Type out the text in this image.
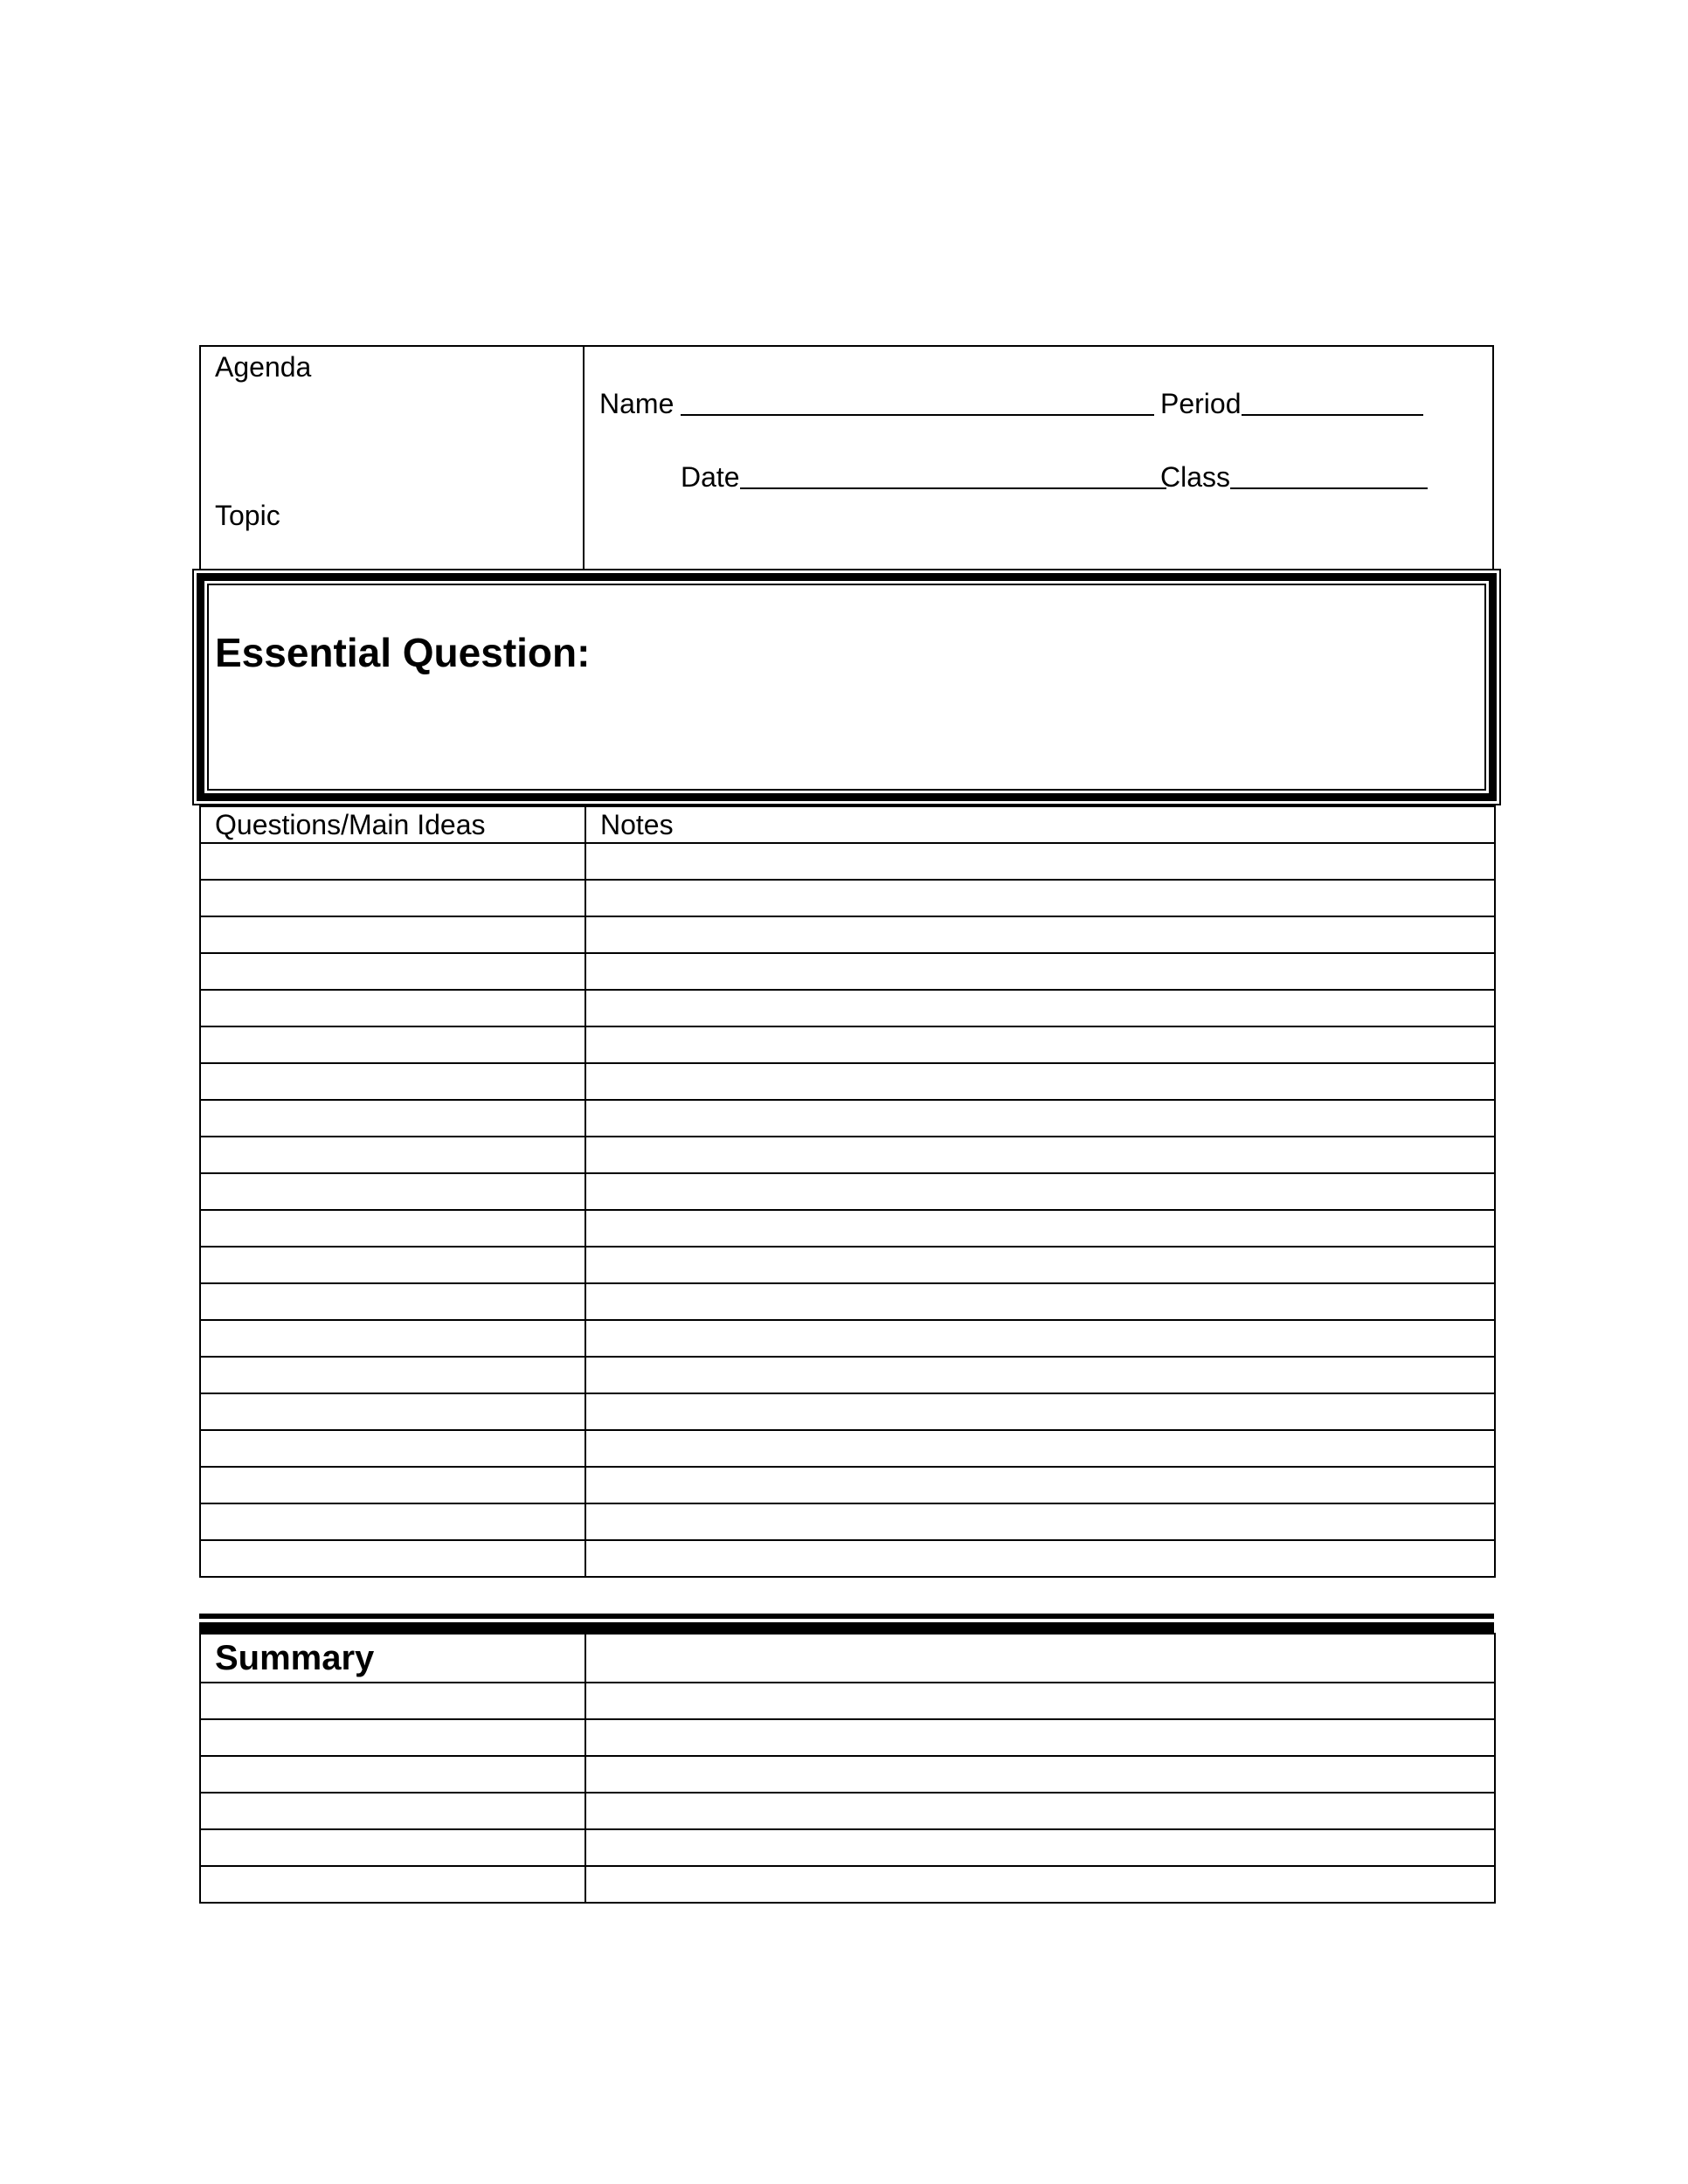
Agenda
Topic
Name	Period
Date	Class
Essential Question:
Questions/Main Ideas	Notes

Summary	
